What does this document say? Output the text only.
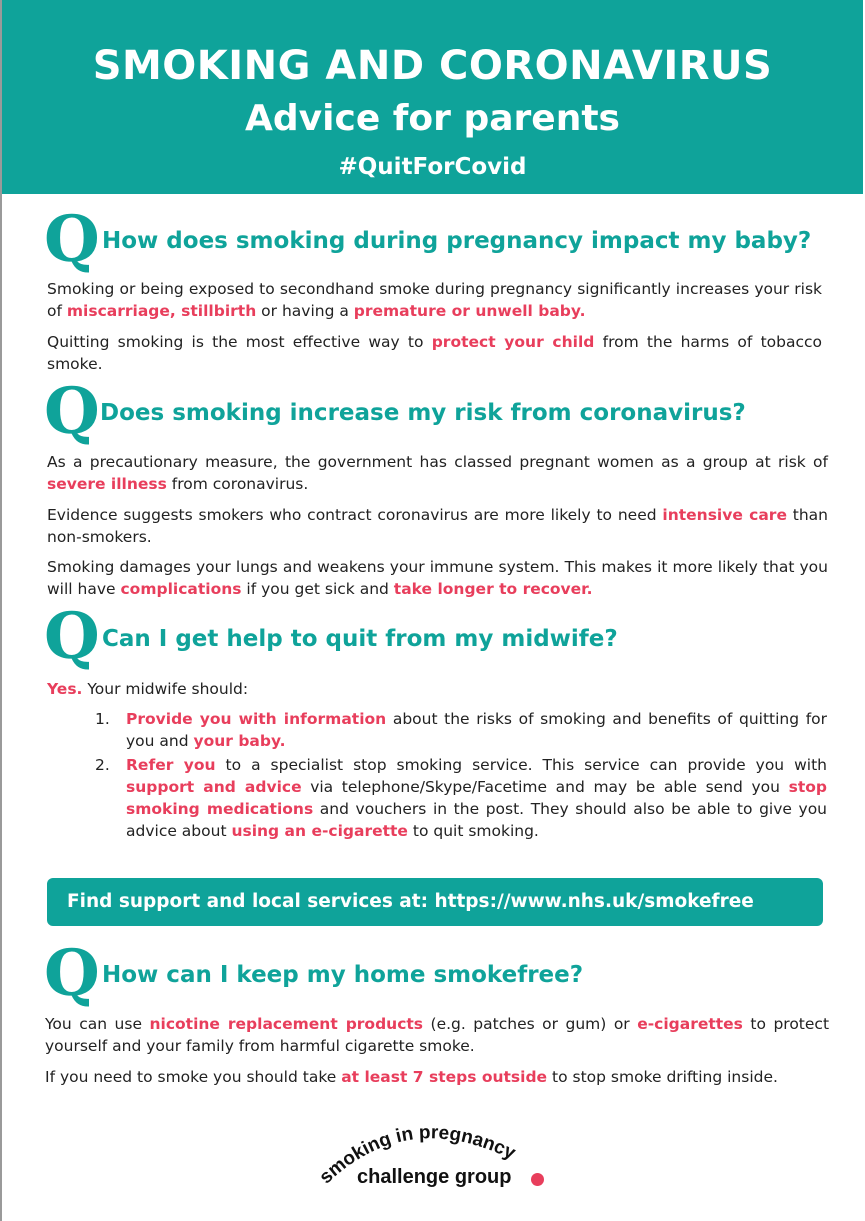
SMOKING AND CORONAVIRUS
Advice for parents
#QuitForCovid
Q How does smoking during pregnancy impact my baby?
Smoking or being exposed to secondhand smoke during pregnancy significantly increases your risk of miscarriage, stillbirth or having a premature or unwell baby.
Quitting smoking is the most effective way to protect your child from the harms of tobacco smoke.
Q Does smoking increase my risk from coronavirus?
As a precautionary measure, the government has classed pregnant women as a group at risk of severe illness from coronavirus.
Evidence suggests smokers who contract coronavirus are more likely to need intensive care than non-smokers.
Smoking damages your lungs and weakens your immune system. This makes it more likely that you will have complications if you get sick and take longer to recover.
Q Can I get help to quit from my midwife?
Yes. Your midwife should:
1. Provide you with information about the risks of smoking and benefits of quitting for you and your baby.
2. Refer you to a specialist stop smoking service. This service can provide you with support and advice via telephone/Skype/Facetime and may be able send you stop smoking medications and vouchers in the post. They should also be able to give you advice about using an e-cigarette to quit smoking.
Find support and local services at: https://www.nhs.uk/smokefree
Q How can I keep my home smokefree?
You can use nicotine replacement products (e.g. patches or gum) or e-cigarettes to protect yourself and your family from harmful cigarette smoke.
If you need to smoke you should take at least 7 steps outside to stop smoke drifting inside.
smoking in pregnancy
challenge group
